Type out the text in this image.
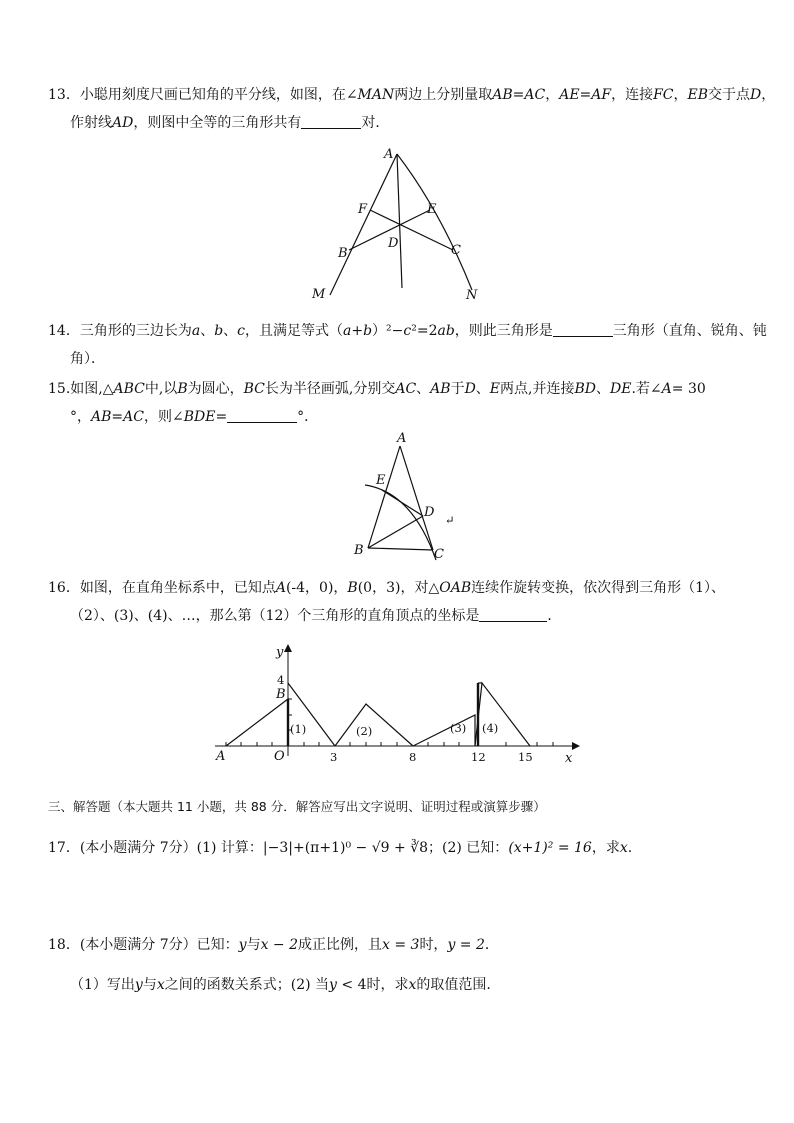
13．小聪用刻度尺画已知角的平分线，如图，在∠MAN两边上分别量取AB=AC，AE=AF，连接FC，EB交于点D，
作射线AD，则图中全等的三角形共有	对．
A
F	E
D
B	C
M	N
14．三角形的三边长为a、b、c，且满足等式（a+b）²−c²=2ab，则此三角形是	三角形（直角、锐角、钝
角）．
15.如图,△ABC中,以B为圆心，BC长为半径画弧,分别交AC、AB于D、E两点,并连接BD、DE.若∠A= 30
°，AB=AC，则∠BDE=	°．
A
E
D ↵
B	C
16．如图，在直角坐标系中，已知点A(-4，0)，B(0，3)，对△OAB连续作旋转变换，依次得到三角形（1）、
（2）、(3)、(4)、…，那么第（12）个三角形的直角顶点的坐标是	．
y
x
4
B
A	O	3	8	12	15
(1)	(2)	(3) (4)
三、解答题（本大题共 11 小题，共 88 分．解答应写出文字说明、证明过程或演算步骤）
17．(本小题满分 7分）(1) 计算：|−3|+(π+1)⁰ − √9 + ∛8；(2) 已知：(x+1)² = 16，求x.
18．(本小题满分 7分）已知：y与x − 2成正比例，且x = 3时，y = 2．
（1）写出y与x之间的函数关系式；(2) 当y < 4时，求x的取值范围.
